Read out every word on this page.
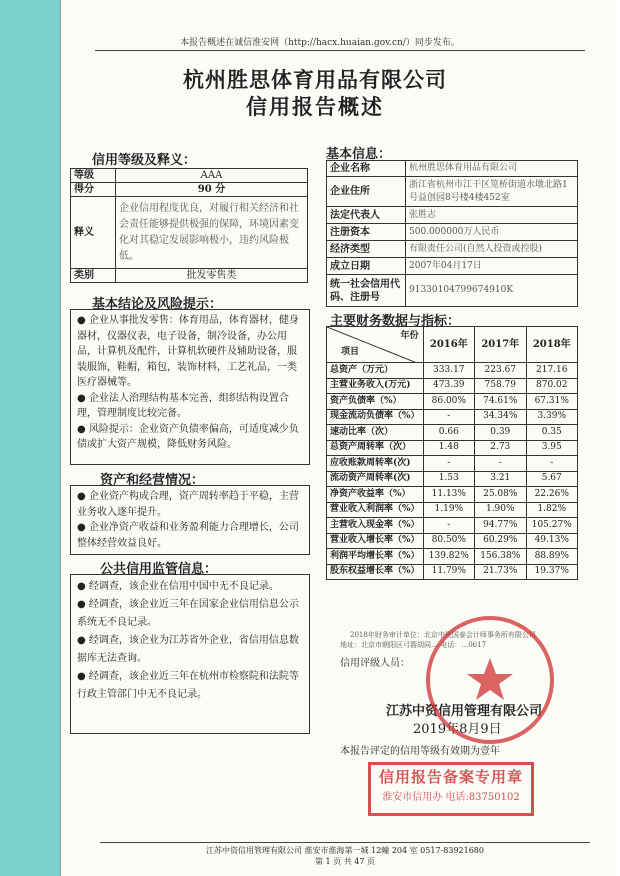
本报告概述在诚信淮安网（http://hacx.huaian.gov.cn/）同步发布。
杭州胜思体育用品有限公司
信用报告概述
信用等级及释义：
等级	AAA
得分	90 分
释义	企业信用程度优良，对履行相关经济和社会责任能够提供极强的保障，环境因素变化对其稳定发展影响极小，违约风险极低。
类别	批发零售类
基本信息：
企业名称	杭州胜思体育用品有限公司
企业住所	浙江省杭州市江干区笕桥街道水墩北路1号益创园8号楼4楼452室
法定代表人	张胜志
注册资本	500.000000万人民币
经济类型	有限责任公司(自然人投资或控股)
成立日期	2007年04月17日
统一社会信用代码、注册号	91330104799674910K
基本结论及风险提示：

● 企业从事批发零售：体育用品，体育器材，健身器材，仪器仪表，电子设备，制冷设备，办公用品，计算机及配件，计算机软硬件及辅助设备，服装服饰，鞋帽，箱包，装饰材料，工艺礼品，一类医疗器械等。

● 企业法人治理结构基本完善，组织结构设置合理，管理制度比较完备。

● 风险提示：企业资产负债率偏高，可适度减少负债或扩大资产规模，降低财务风险。

资产和经营情况：

● 企业资产构成合理，资产周转率趋于平稳，主营业务收入逐年提升。

● 企业净资产收益和业务盈利能力合理增长，公司整体经营效益良好。

公共信用监管信息：

● 经调查，该企业在信用中国中无不良记录。

● 经调查，该企业近三年在国家企业信用信息公示系统无不良记录。

● 经调查，该企业为江苏省外企业，省信用信息数据库无法查询。

● 经调查，该企业近三年在杭州市检察院和法院等行政主管部门中无不良记录。

主要财务数据与指标：
年份
项目	2016年	2017年	2018年
总资产（万元）	333.17	223.67	217.16
主营业务收入(万元)	473.39	758.79	870.02
资产负债率（%）	86.00%	74.61%	67.31%
现金流动负债率（%）	-	34.34%	3.39%
速动比率（次）	0.66	0.39	0.35
总资产周转率（次）	1.48	2.73	3.95
应收账款周转率(次)	-	-	-
流动资产周转率(次)	1.53	3.21	5.67
净资产收益率（%）	11.13%	25.08%	22.26%
营业收入利润率（%）	1.19%	1.90%	1.82%
主营收入现金率（%）	-	94.77%	105.27%
营业收入增长率（%）	80.50%	60.29%	49.13%
利润平均增长率（%）	139.82%	156.38%	88.89%
股东权益增长率（%）	11.79%	21.73%	19.37%
2018年财务审计单位：北京中税国泰会计师事务所有限公司
地址：北京市朝阳区弓箭胡同… 电话：…0617
信用评级人员：
江苏中资信用管理有限公司
2019年8月9日
本报告评定的信用等级有效期为壹年
信用报告备案专用章
淮安市信用办 电话:83750102
江苏中资信用管理有限公司 淮安市淮海第一城 12幢 204 室 0517-83921680
第 1 页 共 47 页
